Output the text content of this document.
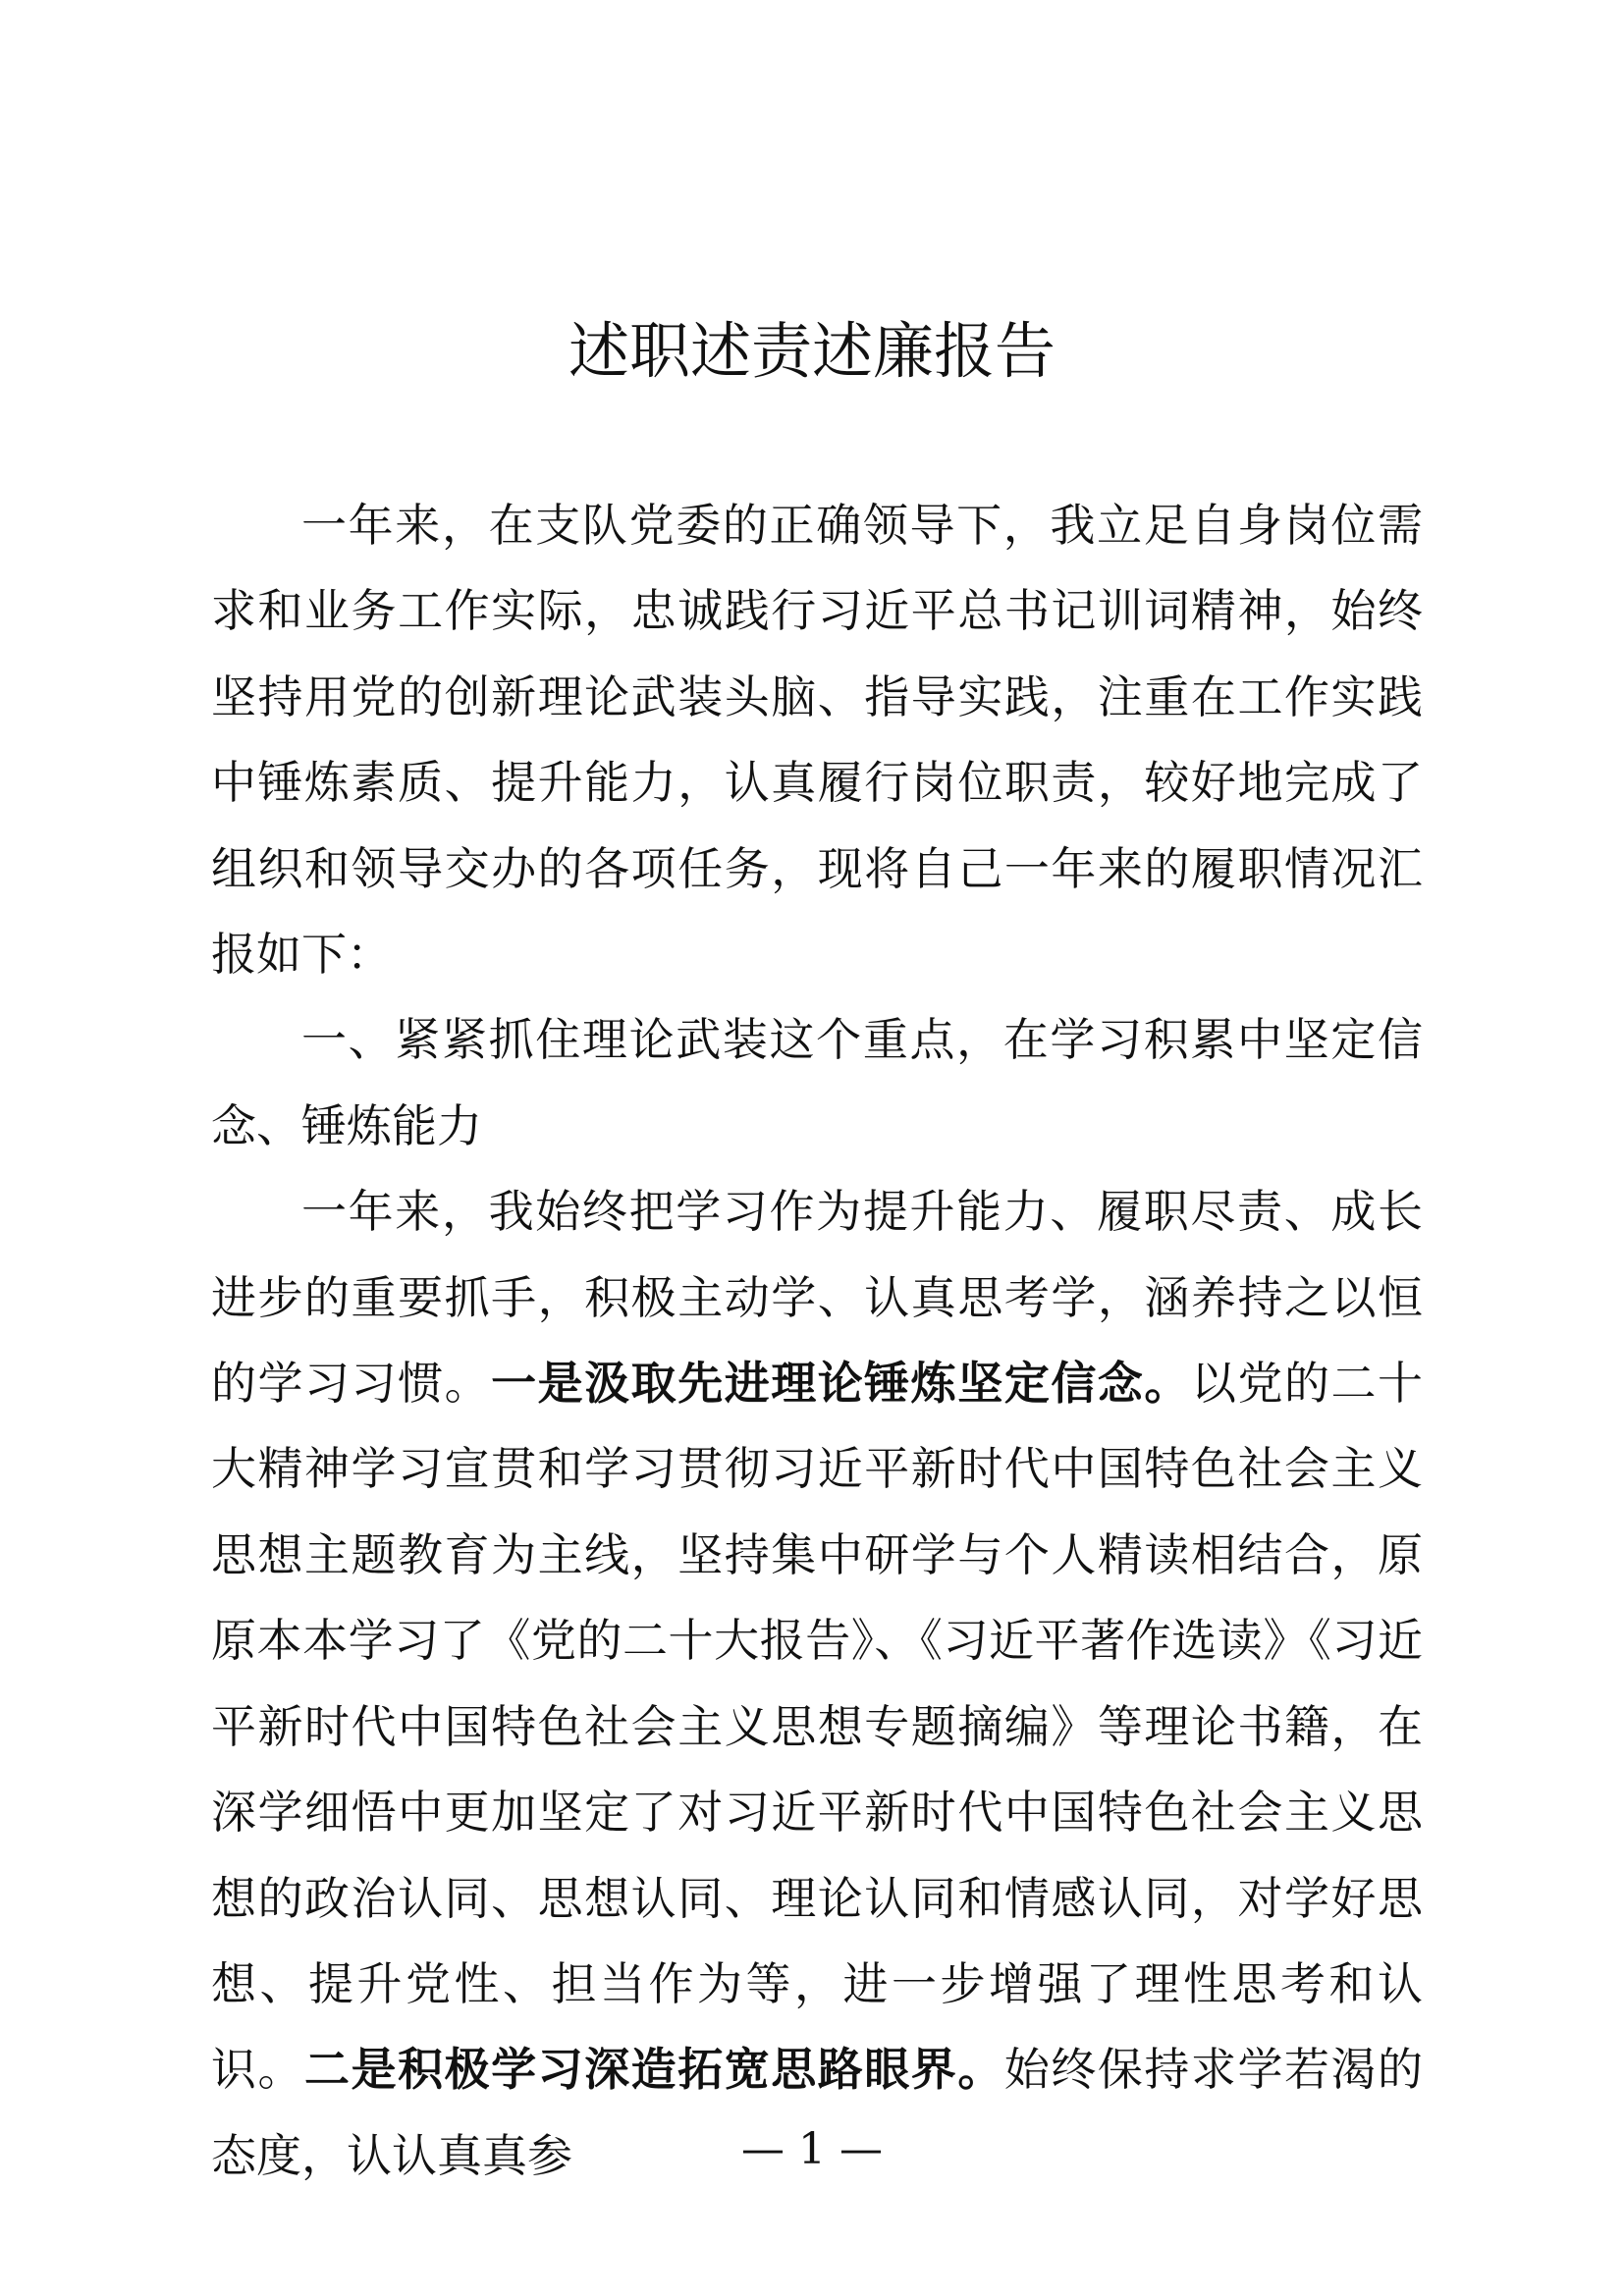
述职述责述廉报告

一年来，在支队党委的正确领导下，我立足自身岗位需求和业务工作实际，忠诚践行习近平总书记训词精神，始终坚持用党的创新理论武装头脑、指导实践，注重在工作实践中锤炼素质、提升能力，认真履行岗位职责，较好地完成了组织和领导交办的各项任务，现将自己一年来的履职情况汇报如下：

一、紧紧抓住理论武装这个重点，在学习积累中坚定信念、锤炼能力

一年来，我始终把学习作为提升能力、履职尽责、成长进步的重要抓手，积极主动学、认真思考学，涵养持之以恒的学习习惯。一是汲取先进理论锤炼坚定信念。以党的二十大精神学习宣贯和学习贯彻习近平新时代中国特色社会主义思想主题教育为主线，坚持集中研学与个人精读相结合，原原本本学习了《党的二十大报告》、《习近平著作选读》《习近平新时代中国特色社会主义思想专题摘编》等理论书籍，在深学细悟中更加坚定了对习近平新时代中国特色社会主义思想的政治认同、思想认同、理论认同和情感认同，对学好思想、提升党性、担当作为等，进一步增强了理性思考和认识。二是积极学习深造拓宽思路眼界。始终保持求学若渴的态度，认认真真参	— 1 —
